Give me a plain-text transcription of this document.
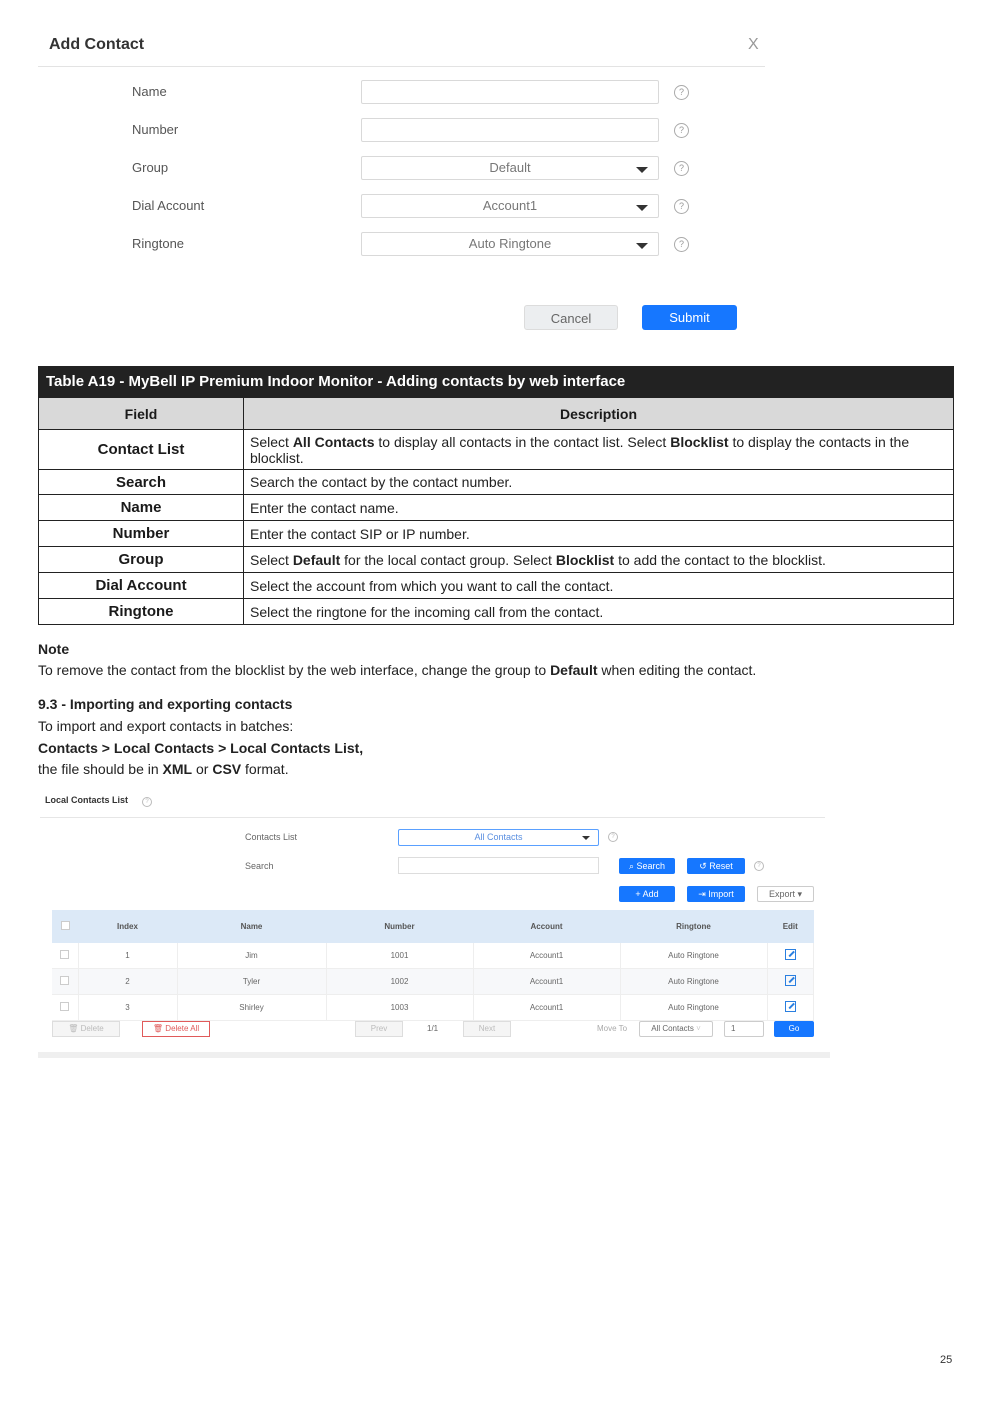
Add Contact	X
Name	?
Number	?
Group	Default	?
Dial Account	Account1	?
Ringtone	Auto Ringtone	?
Cancel	Submit
Table A19 - MyBell IP Premium Indoor Monitor - Adding contacts by web interface
Field	Description
Contact List	Select All Contacts to display all contacts in the contact list. Select Blocklist to display the contacts in the blocklist.
Search	Search the contact by the contact number.
Name	Enter the contact name.
Number	Enter the contact SIP or IP number.
Group	Select Default for the local contact group. Select Blocklist to add the contact to the blocklist.
Dial Account	Select the account from which you want to call the contact.
Ringtone	Select the ringtone for the incoming call from the contact.
Note
To remove the contact from the blocklist by the web interface, change the group to Default when editing the contact.
9.3 - Importing and exporting contacts
To import and export contacts in batches:
Contacts > Local Contacts > Local Contacts List,
the file should be in XML or CSV format.
Local Contacts List	?
Contacts List	All Contacts	?
Search	⌕ Search	↺ Reset	?
+ Add	⇥ Import	Export ▾
	Index	Name	Number	Account	Ringtone	Edit
	1	Jim	1001	Account1	Auto Ringtone	
	2	Tyler	1002	Account1	Auto Ringtone	
	3	Shirley	1003	Account1	Auto Ringtone	
🗑 Delete	🗑 Delete All	Prev	1/1	Next	Move To	All Contacts ˅	1	Go
25
